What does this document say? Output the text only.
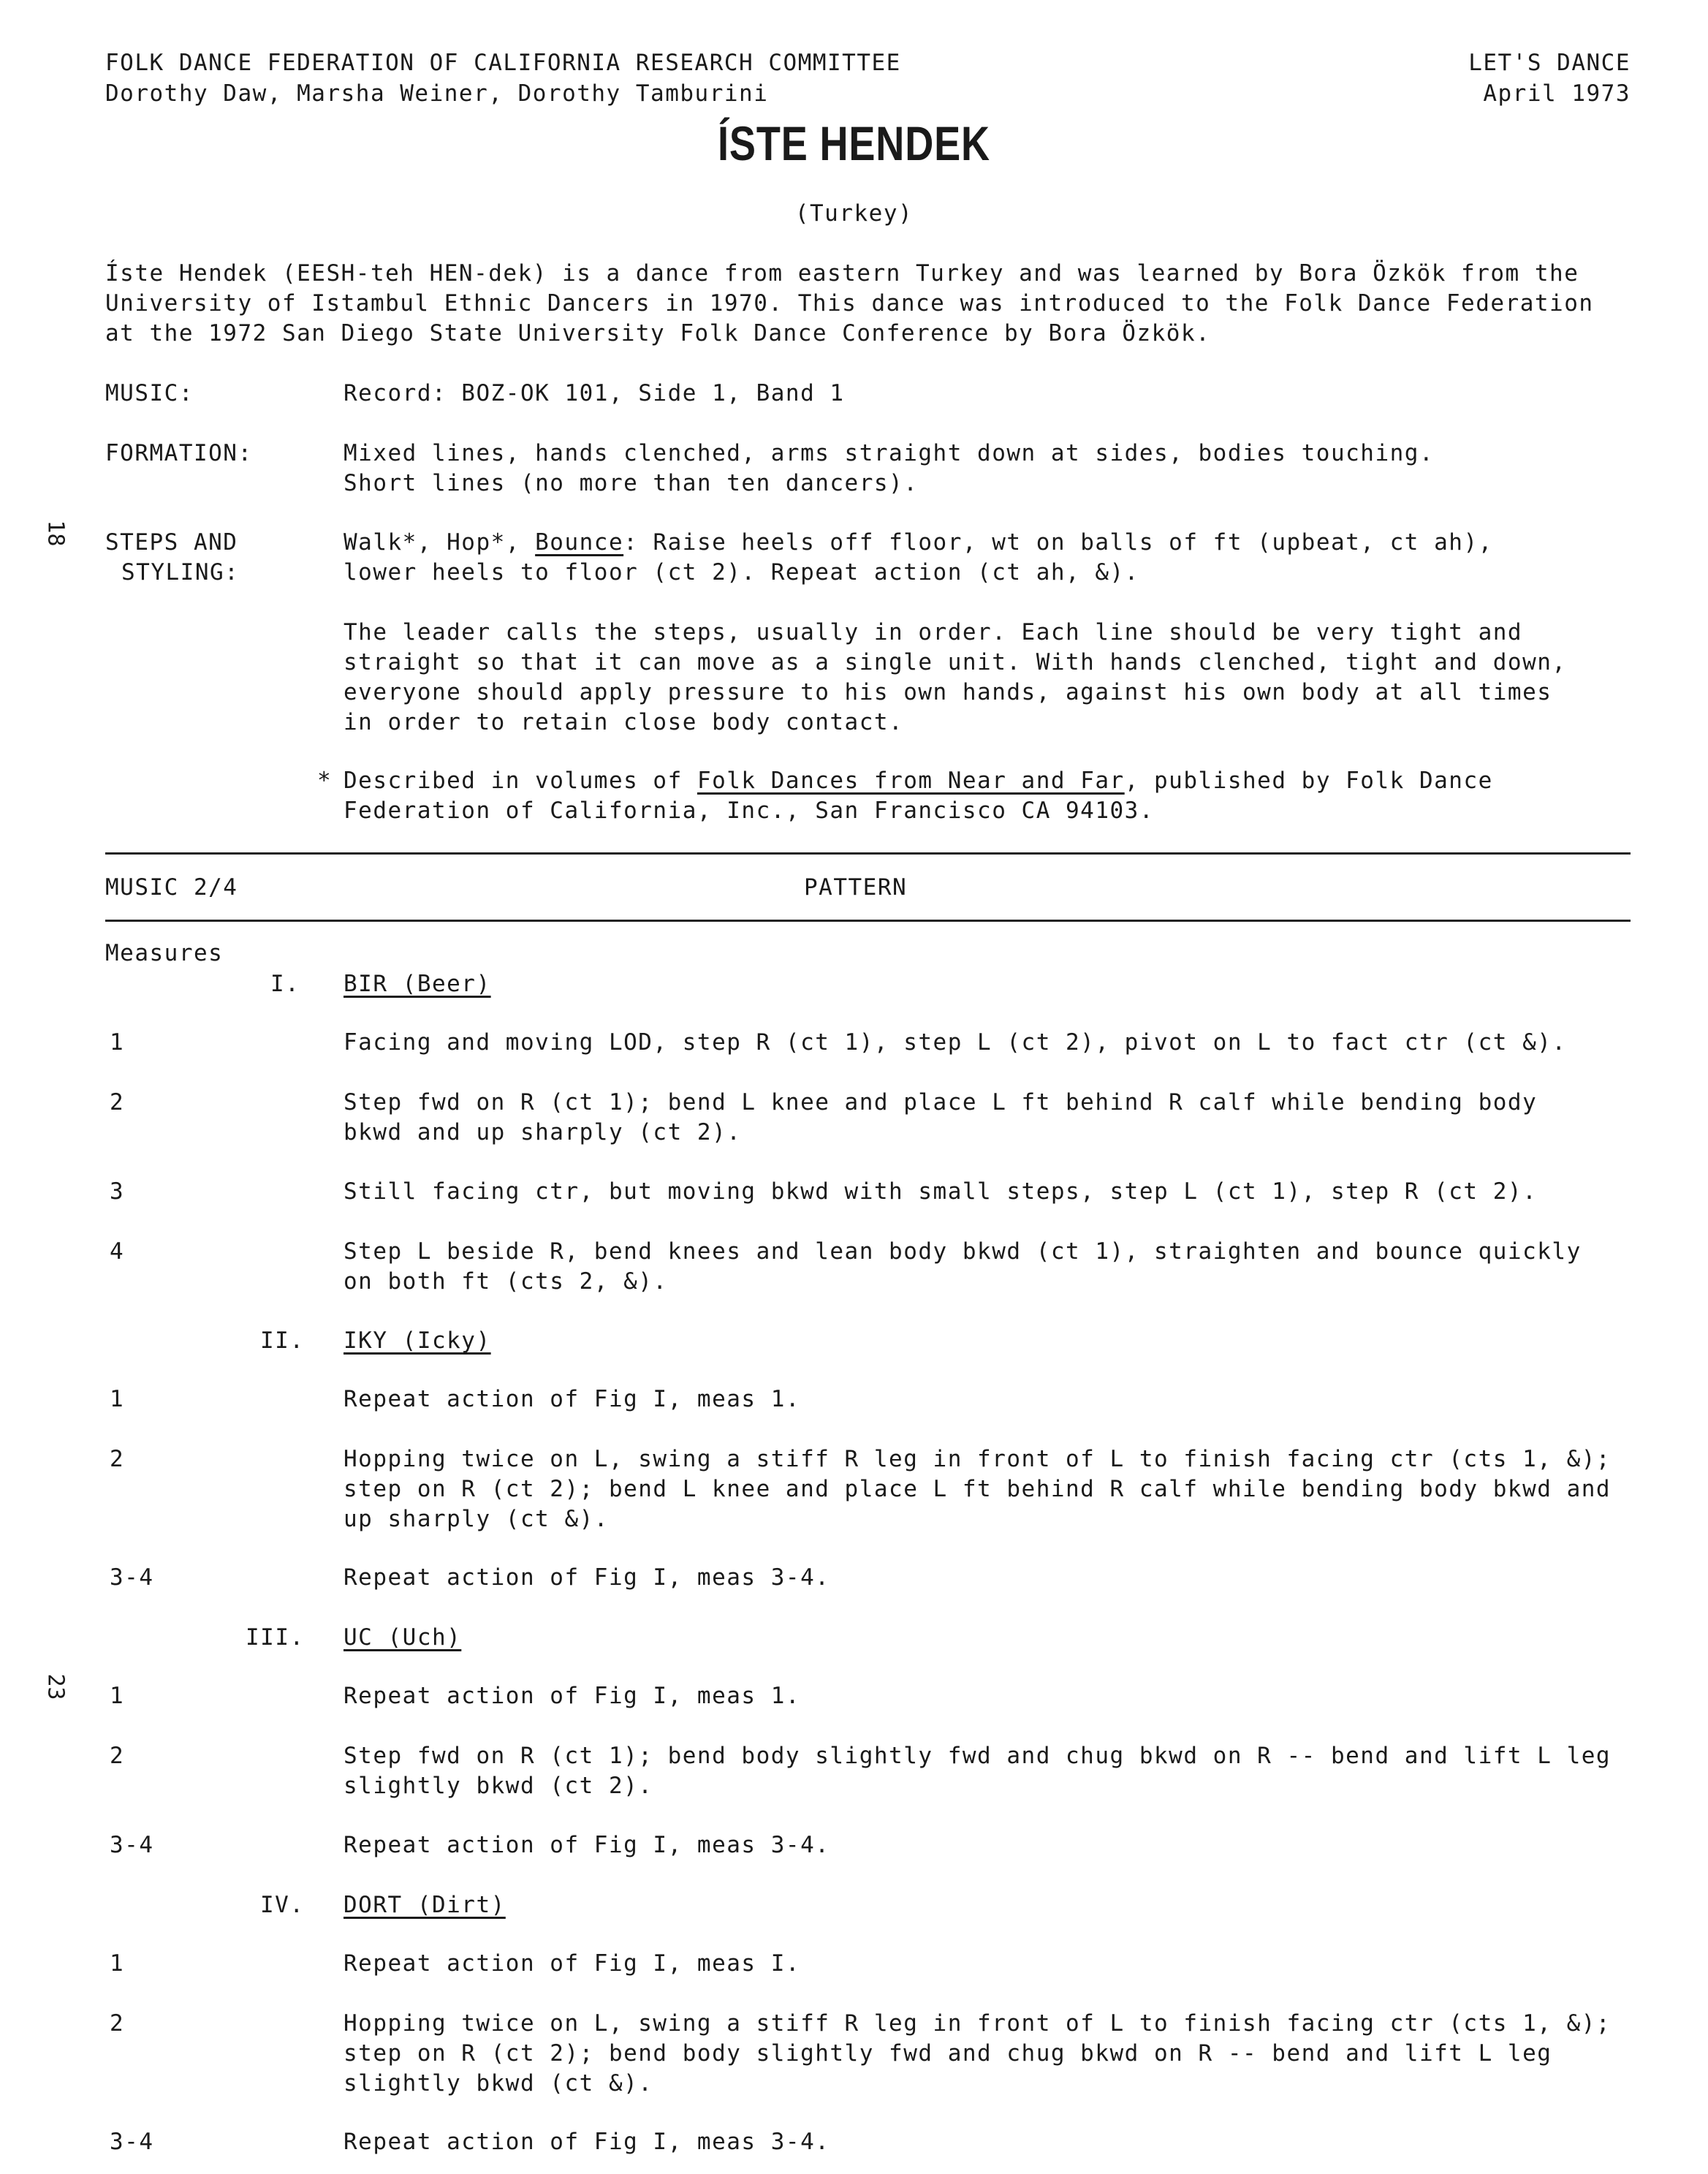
FOLK DANCE FEDERATION OF CALIFORNIA RESEARCH COMMITTEE
Dorothy Daw, Marsha Weiner, Dorothy Tamburini
LET'S DANCE
April 1973
ÍSTE HENDEK
(Turkey)
Íste Hendek (EESH-teh HEN-dek) is a dance from eastern Turkey and was learned by Bora Özkök from the
University of Istambul Ethnic Dancers in 1970. This dance was introduced to the Folk Dance Federation
at the 1972 San Diego State University Folk Dance Conference by Bora Özkök.
MUSIC:	Record: BOZ-OK 101, Side 1, Band 1
FORMATION:	Mixed lines, hands clenched, arms straight down at sides, bodies touching.
Short lines (no more than ten dancers).
STEPS AND
STYLING:
Walk*, Hop*, Bounce: Raise heels off floor, wt on balls of ft (upbeat, ct ah),
lower heels to floor (ct 2). Repeat action (ct ah, &).
The leader calls the steps, usually in order. Each line should be very tight and
straight so that it can move as a single unit. With hands clenched, tight and down,
everyone should apply pressure to his own hands, against his own body at all times
in order to retain close body contact.
* Described in volumes of Folk Dances from Near and Far, published by Folk Dance
Federation of California, Inc., San Francisco CA 94103.
MUSIC 2/4	PATTERN
Measures
I. BIR (Beer)
1	Facing and moving LOD, step R (ct 1), step L (ct 2), pivot on L to fact ctr (ct &).
2	Step fwd on R (ct 1); bend L knee and place L ft behind R calf while bending body
bkwd and up sharply (ct 2).
3	Still facing ctr, but moving bkwd with small steps, step L (ct 1), step R (ct 2).
4	Step L beside R, bend knees and lean body bkwd (ct 1), straighten and bounce quickly
on both ft (cts 2, &).
II. IKY (Icky)
1	Repeat action of Fig I, meas 1.
2	Hopping twice on L, swing a stiff R leg in front of L to finish facing ctr (cts 1, &);
step on R (ct 2); bend L knee and place L ft behind R calf while bending body bkwd and
up sharply (ct &).
3-4	Repeat action of Fig I, meas 3-4.
III. UC (Uch)
1	Repeat action of Fig I, meas 1.
2	Step fwd on R (ct 1); bend body slightly fwd and chug bkwd on R -- bend and lift L leg
slightly bkwd (ct 2).
3-4	Repeat action of Fig I, meas 3-4.
IV. DORT (Dirt)
1	Repeat action of Fig I, meas I.
2	Hopping twice on L, swing a stiff R leg in front of L to finish facing ctr (cts 1, &);
step on R (ct 2); bend body slightly fwd and chug bkwd on R -- bend and lift L leg
slightly bkwd (ct &).
3-4	Repeat action of Fig I, meas 3-4.
18
23
